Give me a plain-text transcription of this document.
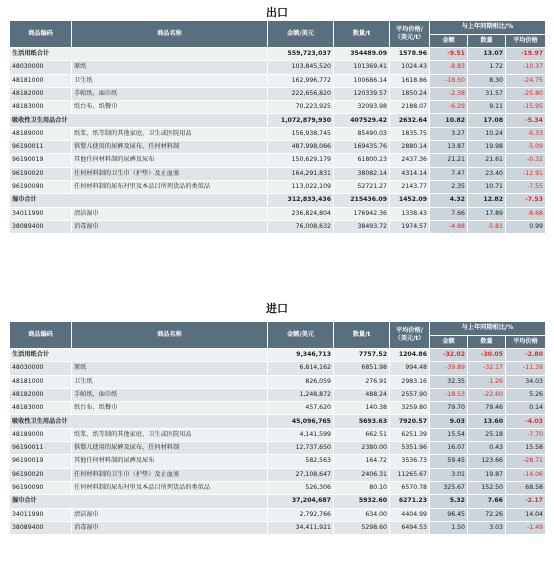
出口
商品编码	商品名称	金额/美元	数量/t	平均价格/（美元/t）	与上年同期相比/%		
					金额	数量	平均价格
生活用纸合计		559,723,037	354489.09	1578.96	-9.51	13.07	-19.97
48030000	原纸	103,845,520	101369.41	1024.43	-8.83	1.72	-10.37
48181000	卫生纸	162,996,772	100686.14	1618.86	-18.50	8.30	-24.75
48182000	手帕纸、面巾纸	222,656,820	120339.57	1850.24	-2.38	31.57	-25.80
48183000	纸台布、纸餐巾	70,223,925	32093.98	2188.07	-6.29	9.11	-15.95
吸收性卫生用品合计		1,072,879,930	407529.42	2632.64	10.82	17.08	-5.34
48189000	纸浆、纸等制的其他家庭、卫生或医院用品	156,938,745	85490.03	1835.75	3.27	10.24	-6.33
96190011	供婴儿使用的尿裤及尿布，任何材料制	487,998,066	169435.76	2880.14	13.87	19.98	-5.09
96190019	其他任何材料制的尿裤及尿布	150,629,179	61800.23	2437.36	21.21	21.61	-0.32
96190020	任何材料制的卫生巾（护垫）及止血塞	164,291,831	38082.14	4314.14	7.47	23.40	-12.91
96190090	任何材料制的尿布衬里及本品目所列货品的类似品	113,022,109	52721.27	2143.77	2.35	10.71	-7.55
湿巾合计		312,833,436	215436.09	1452.09	4.32	12.82	-7.53
34011990	清洁湿巾	236,824,804	176942.36	1338.43	7.66	17.89	-8.68
38089400	消毒湿巾	76,008,632	38493.72	1974.57	-4.88	-5.81	0.99
进口
商品编码	商品名称	金额/美元	数量/t	平均价格/（美元/t）	与上年同期相比/%		
					金额	数量	平均价格
生活用纸合计		9,346,713	7757.52	1204.86	-32.02	-30.05	-2.80
48030000	原纸	6,814,162	6851.98	994.48	-39.89	-32.17	-11.39
48181000	卫生纸	826,059	276.91	2983.16	32.35	-1.26	34.03
48182000	手帕纸、面巾纸	1,248,872	488.24	2557.90	-18.53	-22.60	5.26
48183000	纸台布、纸餐巾	457,620	140.38	3259.80	79.70	79.46	0.14
吸收性卫生用品合计		45,096,765	5693.63	7920.57	9.03	13.60	-4.03
48189000	纸浆、纸等制的其他家庭、卫生或医院用品	4,141,599	662.51	6251.39	15.54	25.18	-7.70
96190011	供婴儿使用的尿裤及尿布，任何材料制	12,737,650	2380.00	5351.96	16.07	0.43	15.58
96190019	其他任何材料制的尿裤及尿布	582,563	164.72	3536.73	59.45	123.66	-28.71
96190020	任何材料制的卫生巾（护垫）及止血塞	27,108,647	2406.31	11265.67	3.01	19.87	-14.06
96190090	任何材料制的尿布衬里及本品目所列货品的类似品	526,306	80.10	6570.78	325.67	152.50	68.58
湿巾合计		37,204,687	5932.60	6271.23	5.32	7.66	-2.17
34011990	清洁湿巾	2,792,766	634.00	4404.99	96.45	72.26	14.04
38089400	消毒湿巾	34,411,921	5298.60	6494.53	1.50	3.03	-1.49
